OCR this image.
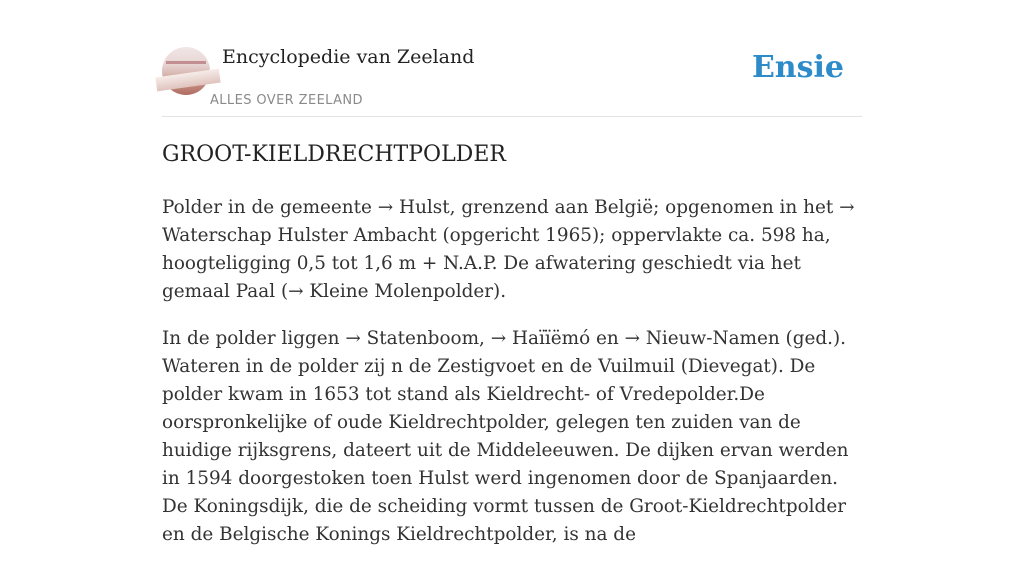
Encyclopedie van Zeeland
ALLES OVER ZEELAND
Ensie
GROOT-KIELDRECHTPOLDER

Polder in de gemeente → Hulst, grenzend aan België; opgenomen in het → Waterschap Hulster Ambacht (opgericht 1965); oppervlakte ca. 598 ha, hoogteligging 0,5 tot 1,6 m + N.A.P. De afwatering geschiedt via het gemaal Paal (→ Kleine Molenpolder).

In de polder liggen → Statenboom, → Haïïëmó en → Nieuw-Namen (ged.). Wateren in de polder zij n de Zestigvoet en de Vuilmuil (Dievegat). De polder kwam in 1653 tot stand als Kieldrecht- of Vredepolder.De oorspronkelijke of oude Kieldrechtpolder, gelegen ten zuiden van de huidige rijksgrens, dateert uit de Middeleeuwen. De dijken ervan werden in 1594 doorgestoken toen Hulst werd ingenomen door de Spanjaarden. De Koningsdijk, die de scheiding vormt tussen de Groot-Kieldrechtpolder en de Belgische Konings Kieldrechtpolder, is na de
